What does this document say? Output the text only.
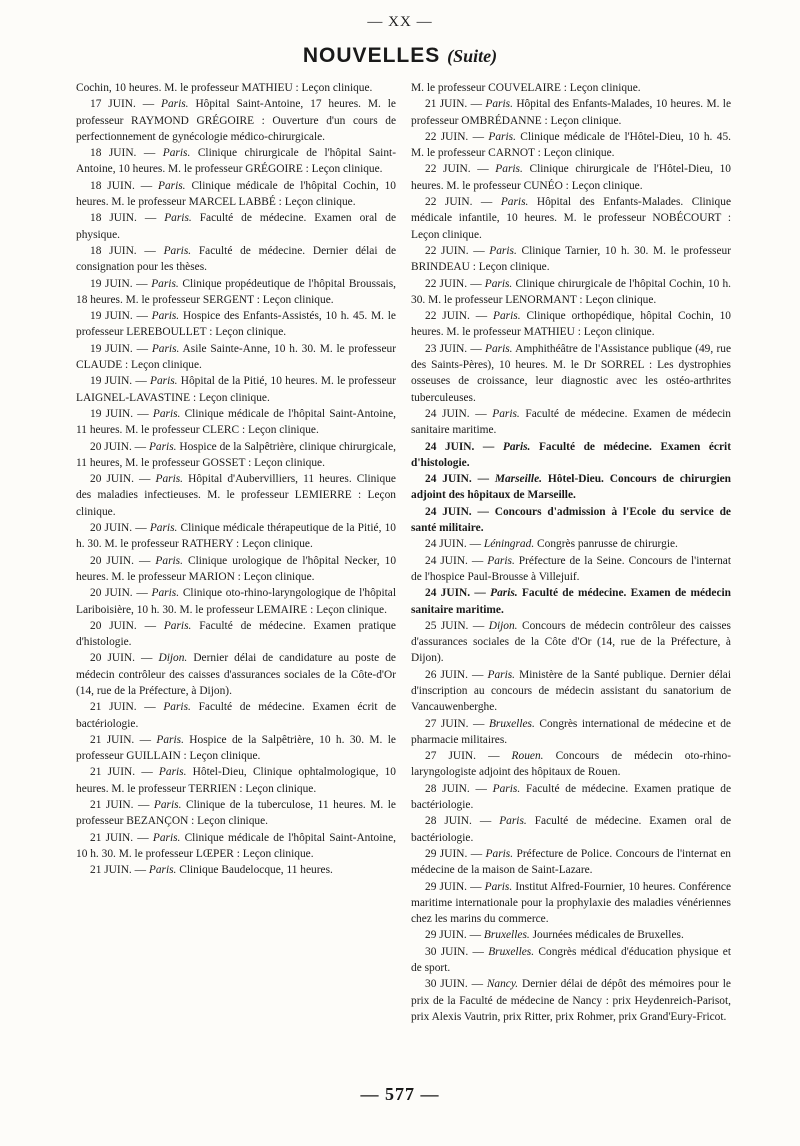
— XX —
NOUVELLES (Suite)

Cochin, 10 heures. M. le professeur MATHIEU : Leçon clinique.

17 JUIN. — Paris. Hôpital Saint-Antoine, 17 heures. M. le professeur RAYMOND GRÉGOIRE : Ouverture d'un cours de perfectionnement de gynécologie médico-chirurgicale.

18 JUIN. — Paris. Clinique chirurgicale de l'hôpital Saint-Antoine, 10 heures. M. le professeur GRÉGOIRE : Leçon clinique.

18 JUIN. — Paris. Clinique médicale de l'hôpital Cochin, 10 heures. M. le professeur MARCEL LABBÉ : Leçon clinique.

18 JUIN. — Paris. Faculté de médecine. Examen oral de physique.

18 JUIN. — Paris. Faculté de médecine. Dernier délai de consignation pour les thèses.

19 JUIN. — Paris. Clinique propédeutique de l'hôpital Broussais, 18 heures. M. le professeur SERGENT : Leçon clinique.

19 JUIN. — Paris. Hospice des Enfants-Assistés, 10 h. 45. M. le professeur LEREBOULLET : Leçon clinique.

19 JUIN. — Paris. Asile Sainte-Anne, 10 h. 30. M. le professeur CLAUDE : Leçon clinique.

19 JUIN. — Paris. Hôpital de la Pitié, 10 heures. M. le professeur LAIGNEL-LAVASTINE : Leçon clinique.

19 JUIN. — Paris. Clinique médicale de l'hôpital Saint-Antoine, 11 heures. M. le professeur CLERC : Leçon clinique.

20 JUIN. — Paris. Hospice de la Salpêtrière, clinique chirurgicale, 11 heures, M. le professeur GOSSET : Leçon clinique.

20 JUIN. — Paris. Hôpital d'Aubervilliers, 11 heures. Clinique des maladies infectieuses. M. le professeur LEMIERRE : Leçon clinique.

20 JUIN. — Paris. Clinique médicale thérapeutique de la Pitié, 10 h. 30. M. le professeur RATHERY : Leçon clinique.

20 JUIN. — Paris. Clinique urologique de l'hôpital Necker, 10 heures. M. le professeur MARION : Leçon clinique.

20 JUIN. — Paris. Clinique oto-rhino-laryngologique de l'hôpital Lariboisière, 10 h. 30. M. le professeur LEMAIRE : Leçon clinique.

20 JUIN. — Paris. Faculté de médecine. Examen pratique d'histologie.

20 JUIN. — Dijon. Dernier délai de candidature au poste de médecin contrôleur des caisses d'assurances sociales de la Côte-d'Or (14, rue de la Préfecture, à Dijon).

21 JUIN. — Paris. Faculté de médecine. Examen écrit de bactériologie.

21 JUIN. — Paris. Hospice de la Salpêtrière, 10 h. 30. M. le professeur GUILLAIN : Leçon clinique.

21 JUIN. — Paris. Hôtel-Dieu, Clinique ophtalmologique, 10 heures. M. le professeur TERRIEN : Leçon clinique.

21 JUIN. — Paris. Clinique de la tuberculose, 11 heures. M. le professeur BEZANÇON : Leçon clinique.

21 JUIN. — Paris. Clinique médicale de l'hôpital Saint-Antoine, 10 h. 30. M. le professeur LŒPER : Leçon clinique.

21 JUIN. — Paris. Clinique Baudelocque, 11 heures.

M. le professeur COUVELAIRE : Leçon clinique.

21 JUIN. — Paris. Hôpital des Enfants-Malades, 10 heures. M. le professeur OMBRÉDANNE : Leçon clinique.

22 JUIN. — Paris. Clinique médicale de l'Hôtel-Dieu, 10 h. 45. M. le professeur CARNOT : Leçon clinique.

22 JUIN. — Paris. Clinique chirurgicale de l'Hôtel-Dieu, 10 heures. M. le professeur CUNÉO : Leçon clinique.

22 JUIN. — Paris. Hôpital des Enfants-Malades. Clinique médicale infantile, 10 heures. M. le professeur NOBÉCOURT : Leçon clinique.

22 JUIN. — Paris. Clinique Tarnier, 10 h. 30. M. le professeur BRINDEAU : Leçon clinique.

22 JUIN. — Paris. Clinique chirurgicale de l'hôpital Cochin, 10 h. 30. M. le professeur LENORMANT : Leçon clinique.

22 JUIN. — Paris. Clinique orthopédique, hôpital Cochin, 10 heures. M. le professeur MATHIEU : Leçon clinique.

23 JUIN. — Paris. Amphithéâtre de l'Assistance publique (49, rue des Saints-Pères), 10 heures. M. le Dr SORREL : Les dystrophies osseuses de croissance, leur diagnostic avec les ostéo-arthrites tuberculeuses.

24 JUIN. — Paris. Faculté de médecine. Examen de médecin sanitaire maritime.

24 JUIN. — Paris. Faculté de médecine. Examen écrit d'histologie.

24 JUIN. — Marseille. Hôtel-Dieu. Concours de chirurgien adjoint des hôpitaux de Marseille.

24 JUIN. — Concours d'admission à l'Ecole du service de santé militaire.

24 JUIN. — Léningrad. Congrès panrusse de chirurgie.

24 JUIN. — Paris. Préfecture de la Seine. Concours de l'internat de l'hospice Paul-Brousse à Villejuif.

24 JUIN. — Paris. Faculté de médecine. Examen de médecin sanitaire maritime.

25 JUIN. — Dijon. Concours de médecin contrôleur des caisses d'assurances sociales de la Côte d'Or (14, rue de la Préfecture, à Dijon).

26 JUIN. — Paris. Ministère de la Santé publique. Dernier délai d'inscription au concours de médecin assistant du sanatorium de Vancauwenberghe.

27 JUIN. — Bruxelles. Congrès international de médecine et de pharmacie militaires.

27 JUIN. — Rouen. Concours de médecin oto-rhino-laryngologiste adjoint des hôpitaux de Rouen.

28 JUIN. — Paris. Faculté de médecine. Examen pratique de bactériologie.

28 JUIN. — Paris. Faculté de médecine. Examen oral de bactériologie.

29 JUIN. — Paris. Préfecture de Police. Concours de l'internat en médecine de la maison de Saint-Lazare.

29 JUIN. — Paris. Institut Alfred-Fournier, 10 heures. Conférence maritime internationale pour la prophylaxie des maladies vénériennes chez les marins du commerce.

29 JUIN. — Bruxelles. Journées médicales de Bruxelles.

30 JUIN. — Bruxelles. Congrès médical d'éducation physique et de sport.

30 JUIN. — Nancy. Dernier délai de dépôt des mémoires pour le prix de la Faculté de médecine de Nancy : prix Heydenreich-Parisot, prix Alexis Vautrin, prix Ritter, prix Rohmer, prix Grand'Eury-Fricot.

— 577 —
